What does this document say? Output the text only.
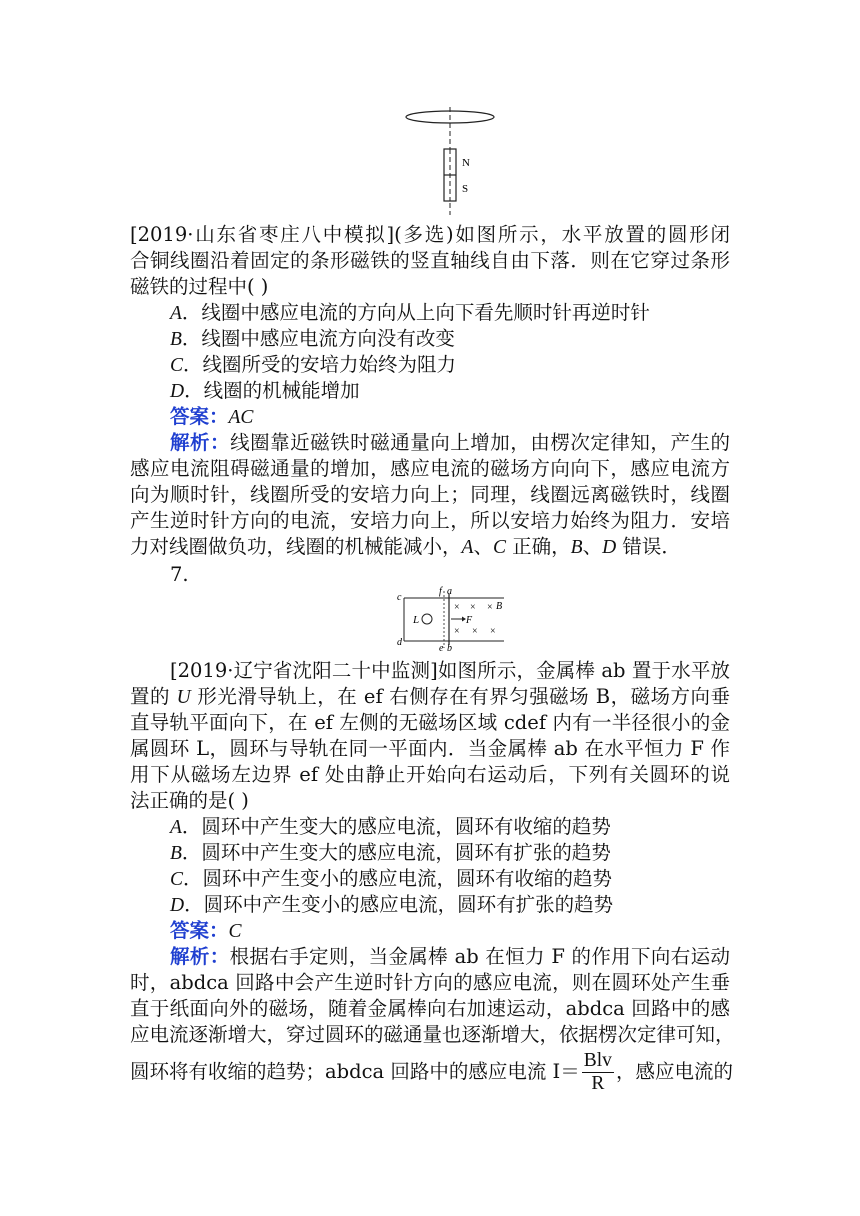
N
S
[2019·山东省枣庄八中模拟](多选)如图所示，水平放置的圆形闭
合铜线圈沿着固定的条形磁铁的竖直轴线自由下落．则在它穿过条形
磁铁的过程中( )
A．线圈中感应电流的方向从上向下看先顺时针再逆时针
B．线圈中感应电流方向没有改变
C．线圈所受的安培力始终为阻力
D．线圈的机械能增加
答案：AC
解析：线圈靠近磁铁时磁通量向上增加，由楞次定律知，产生的
感应电流阻碍磁通量的增加，感应电流的磁场方向向下，感应电流方
向为顺时针，线圈所受的安培力向上；同理，线圈远离磁铁时，线圈
产生逆时针方向的电流，安培力向上，所以安培力始终为阻力．安培
力对线圈做负功，线圈的机械能减小，A、C 正确，B、D 错误．
7.
c
d
f a
e b
L	F
B
× × ×
× × ×
[2019·辽宁省沈阳二十中监测]如图所示，金属棒 ab 置于水平放
置的 U 形光滑导轨上，在 ef 右侧存在有界匀强磁场 B，磁场方向垂
直导轨平面向下，在 ef 左侧的无磁场区域 cdef 内有一半径很小的金
属圆环 L，圆环与导轨在同一平面内．当金属棒 ab 在水平恒力 F 作
用下从磁场左边界 ef 处由静止开始向右运动后，下列有关圆环的说
法正确的是( )
A．圆环中产生变大的感应电流，圆环有收缩的趋势
B．圆环中产生变大的感应电流，圆环有扩张的趋势
C．圆环中产生变小的感应电流，圆环有收缩的趋势
D．圆环中产生变小的感应电流，圆环有扩张的趋势
答案：C
解析：根据右手定则，当金属棒 ab 在恒力 F 的作用下向右运动
时，abdca 回路中会产生逆时针方向的感应电流，则在圆环处产生垂
直于纸面向外的磁场，随着金属棒向右加速运动，abdca 回路中的感
应电流逐渐增大，穿过圆环的磁通量也逐渐增大，依据楞次定律可知，
圆环将有收缩的趋势；abdca 回路中的感应电流 $I= \frac{\text{Blv}}{R}$ ，感应电流的
